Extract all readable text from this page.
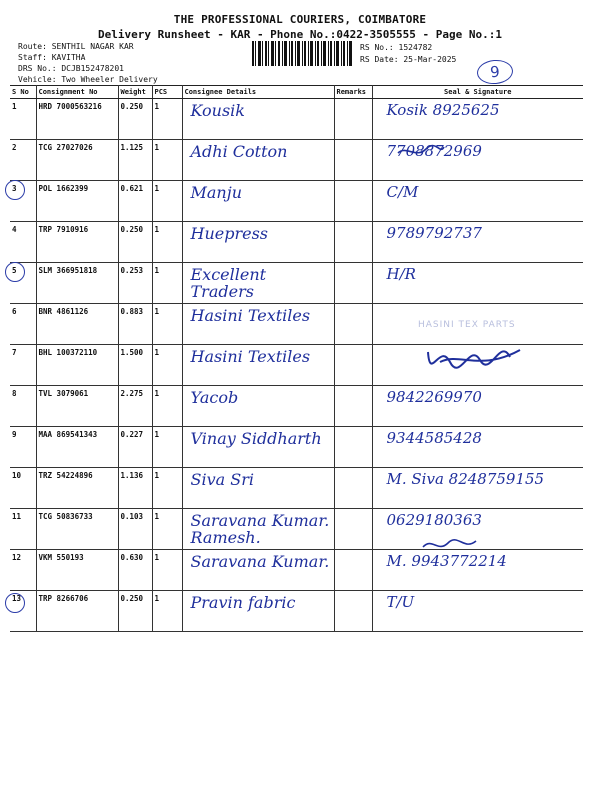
THE PROFESSIONAL COURIERS, COIMBATORE
Delivery Runsheet - KAR - Phone No.:0422-3505555 - Page No.:1
Route: SENTHIL NAGAR KAR
Staff: KAVITHA
DRS No.: DCJB152478201
Vehicle: Two Wheeler Delivery
RS No.: 1524782
RS Date: 25-Mar-2025
9
S No	Consignment No	Weight	PCS	Consignee Details	Remarks	Seal & Signature
1	HRD 7000563216	0.250	1	Kousik		Kosik 8925625

2	TCG 27027026	1.125	1	Adhi Cotton		7708872969

3	POL 1662399	0.621	1	Manju		C/M

4	TRP 7910916	0.250	1	Huepress		9789792737

5	SLM 366951818	0.253	1	Excellent Traders		H/R

6	BNR 4861126	0.883	1	Hasini Textiles		

7	BHL 100372110	1.500	1	Hasini Textiles		

8	TVL 3079061	2.275	1	Yacob		9842269970

9	MAA 869541343	0.227	1	Vinay Siddharth		9344585428

10	TRZ 54224896	1.136	1	Siva Sri		M. Siva 8248759155

11	TCG 50836733	0.103	1	Saravana Kumar. Ramesh.		0629180363

12	VKM 550193	0.630	1	Saravana Kumar.		M. 9943772214

13	TRP 8266706	0.250	1	Pravin fabric		T/U
HASINI TEX PARTS
